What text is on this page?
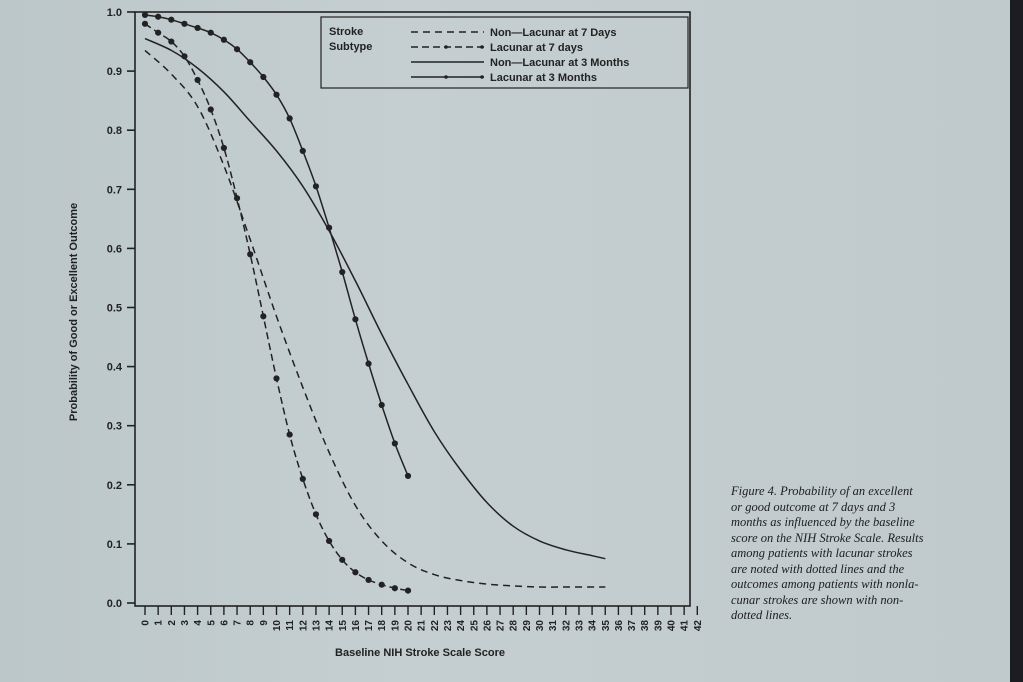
0.0
0.1
0.2
0.3
0.4
0.5
0.6
0.7
0.8
0.9
1.0
0 1 2 3 4 5 6 7 8 9 10 11 12 13 14 15 16 17 18 19 20 21 22 23 24 25 26 27 28 29 30 31 32 33 34 35 36 37 38 39 40 41 42
Baseline NIH Stroke Scale Score
Probability of Good or Excellent Outcome
Stroke
Subtype
Non—Lacunar at 7 Days
Lacunar at 7 days
Non—Lacunar at 3 Months
Lacunar at 3 Months
Figure 4. Probability of an excellent
or good outcome at 7 days and 3
months as influenced by the baseline
score on the NIH Stroke Scale. Results
among patients with lacunar strokes
are noted with dotted lines and the
outcomes among patients with nonla-
cunar strokes are shown with non-
dotted lines.
